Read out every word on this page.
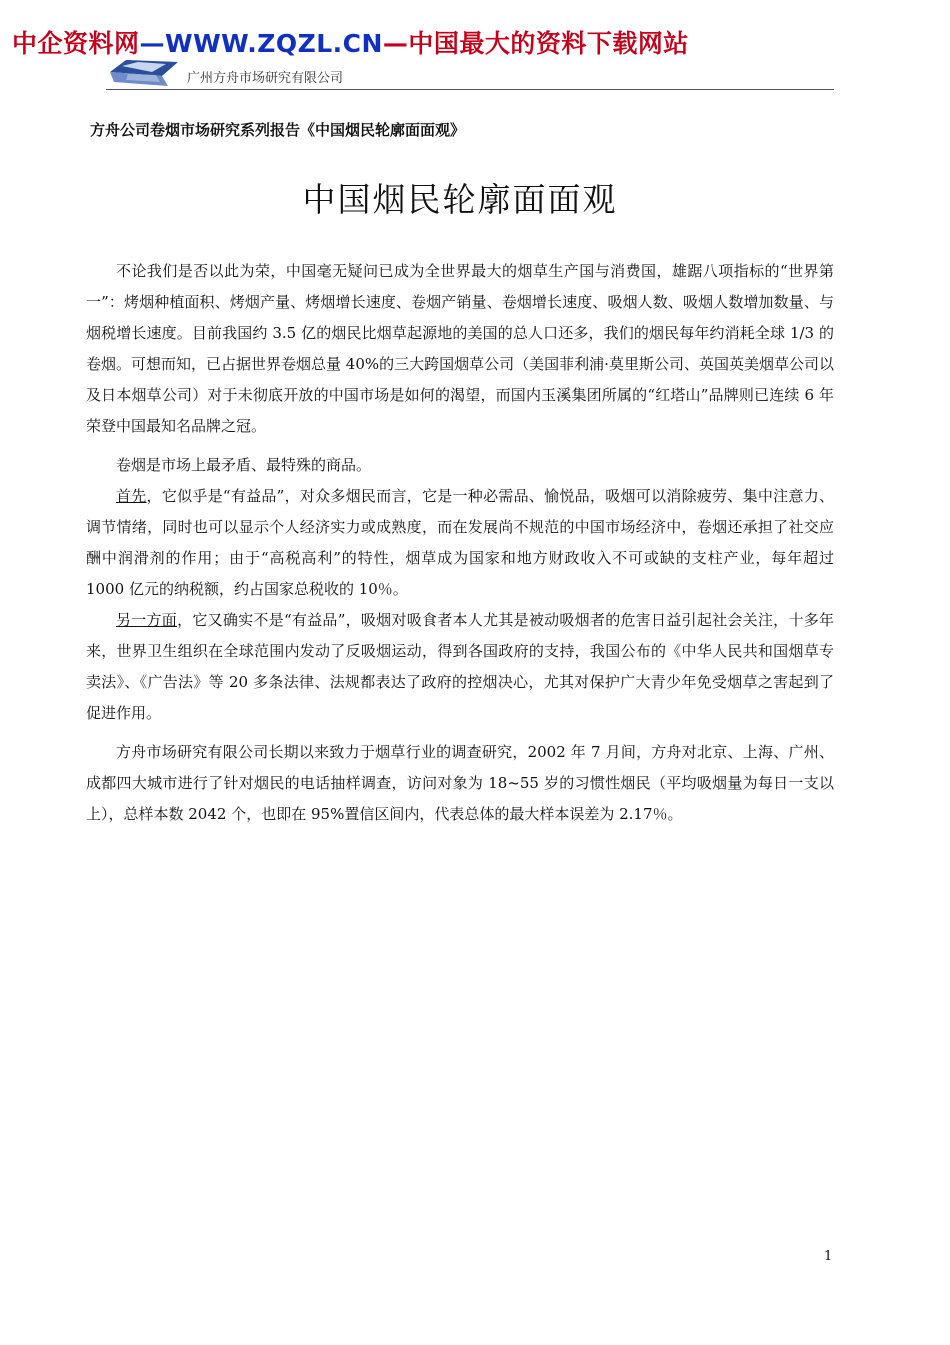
中企资料网—WWW.ZQZL.CN—中国最大的资料下载网站
广州方舟市场研究有限公司
方舟公司卷烟市场研究系列报告《中国烟民轮廓面面观》
中国烟民轮廓面面观

不论我们是否以此为荣，中国毫无疑问已成为全世界最大的烟草生产国与消费国，雄踞八项指标的“世界第一”：烤烟种植面积、烤烟产量、烤烟增长速度、卷烟产销量、卷烟增长速度、吸烟人数、吸烟人数增加数量、与烟税增长速度。目前我国约 3.5 亿的烟民比烟草起源地的美国的总人口还多，我们的烟民每年约消耗全球 1/3 的卷烟。可想而知，已占据世界卷烟总量 40%的三大跨国烟草公司（美国菲利浦·莫里斯公司、英国英美烟草公司以及日本烟草公司）对于未彻底开放的中国市场是如何的渴望，而国内玉溪集团所属的“红塔山”品牌则已连续 6 年荣登中国最知名品牌之冠。

卷烟是市场上最矛盾、最特殊的商品。

首先，它似乎是“有益品”，对众多烟民而言，它是一种必需品、愉悦品，吸烟可以消除疲劳、集中注意力、调节情绪，同时也可以显示个人经济实力或成熟度，而在发展尚不规范的中国市场经济中，卷烟还承担了社交应酬中润滑剂的作用；由于“高税高利”的特性，烟草成为国家和地方财政收入不可或缺的支柱产业，每年超过 1000 亿元的纳税额，约占国家总税收的 10％。

另一方面，它又确实不是“有益品”，吸烟对吸食者本人尤其是被动吸烟者的危害日益引起社会关注，十多年来，世界卫生组织在全球范围内发动了反吸烟运动，得到各国政府的支持，我国公布的《中华人民共和国烟草专卖法》、《广告法》等 20 多条法律、法规都表达了政府的控烟决心，尤其对保护广大青少年免受烟草之害起到了促进作用。

方舟市场研究有限公司长期以来致力于烟草行业的调查研究，2002 年 7 月间，方舟对北京、上海、广州、成都四大城市进行了针对烟民的电话抽样调查，访问对象为 18~55 岁的习惯性烟民（平均吸烟量为每日一支以上），总样本数 2042 个，也即在 95%置信区间内，代表总体的最大样本误差为 2.17％。

1
